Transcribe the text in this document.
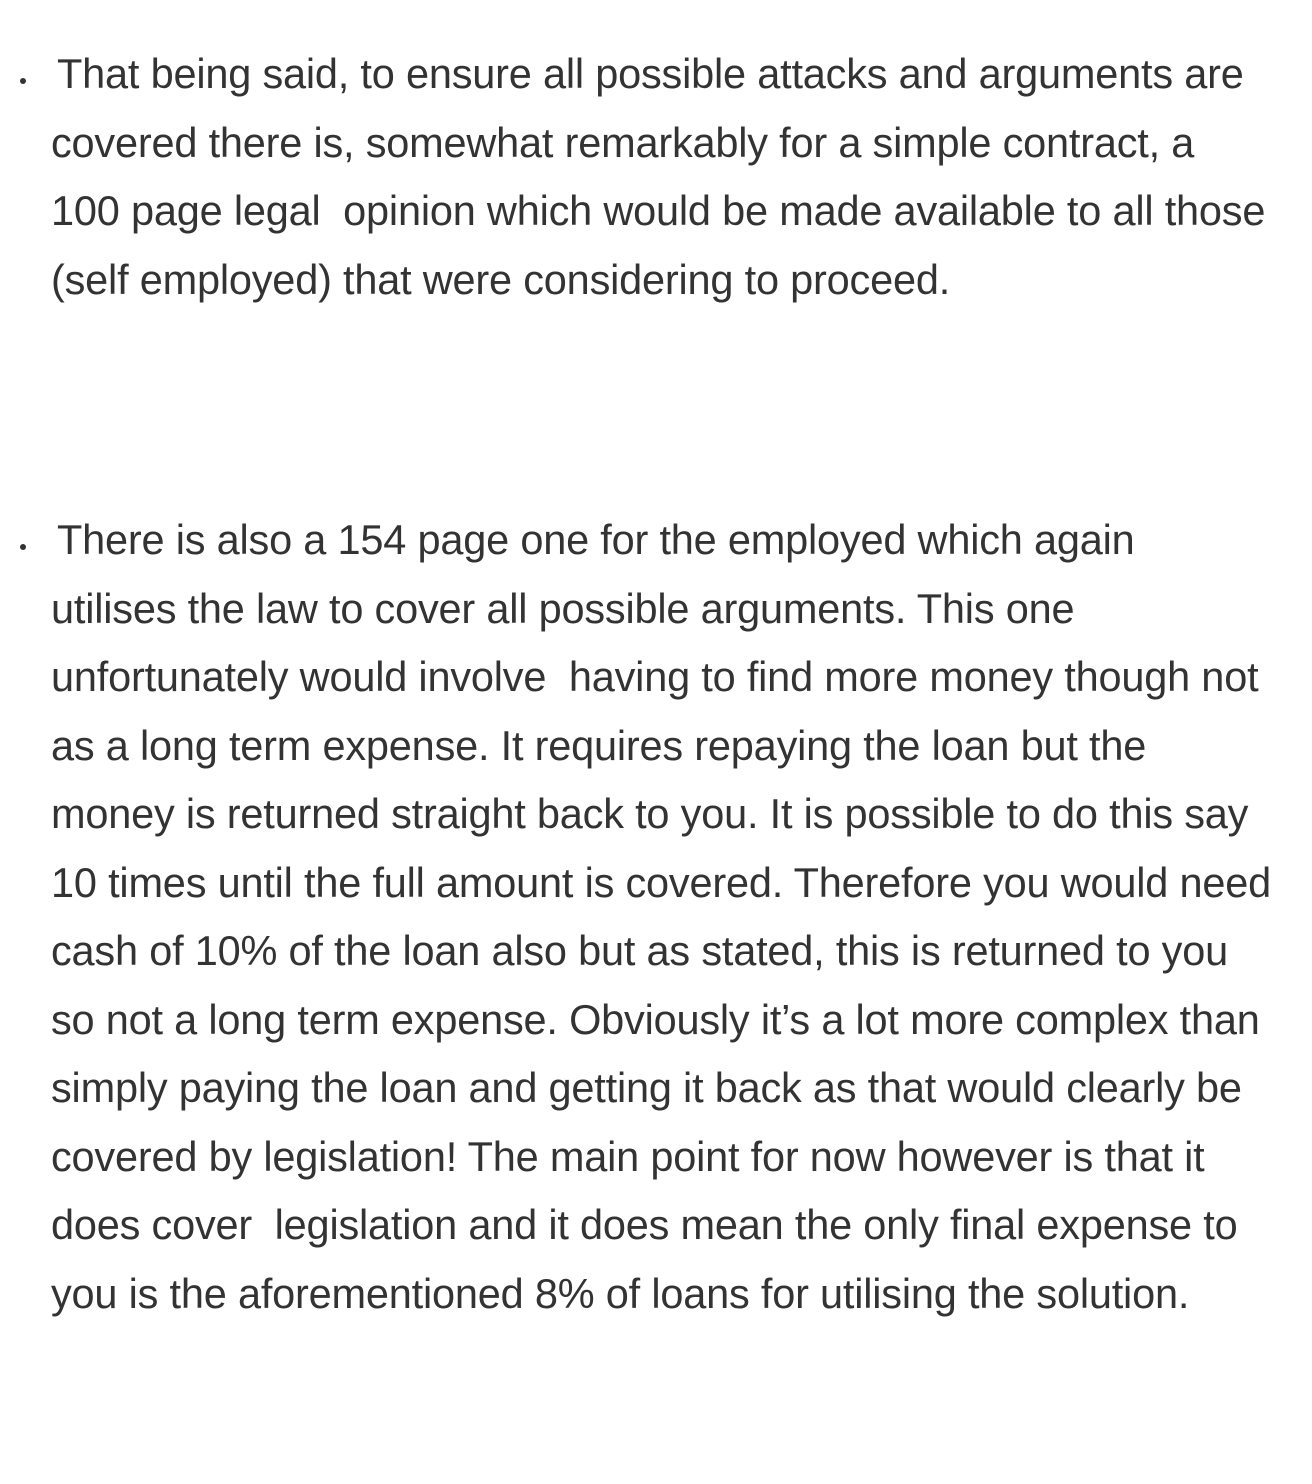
That being said, to ensure all possible attacks and arguments are covered there is, somewhat remarkably for a simple contract, a 100 page legal  opinion which would be made available to all those (self employed) that were considering to proceed.
There is also a 154 page one for the employed which again utilises the law to cover all possible arguments. This one unfortunately would involve  having to find more money though not as a long term expense. It requires repaying the loan but the money is returned straight back to you. It is possible to do this say 10 times until the full amount is covered. Therefore you would need cash of 10% of the loan also but as stated, this is returned to you so not a long term expense. Obviously it’s a lot more complex than simply paying the loan and getting it back as that would clearly be covered by legislation! The main point for now however is that it does cover  legislation and it does mean the only final expense to you is the aforementioned 8% of loans for utilising the solution.
